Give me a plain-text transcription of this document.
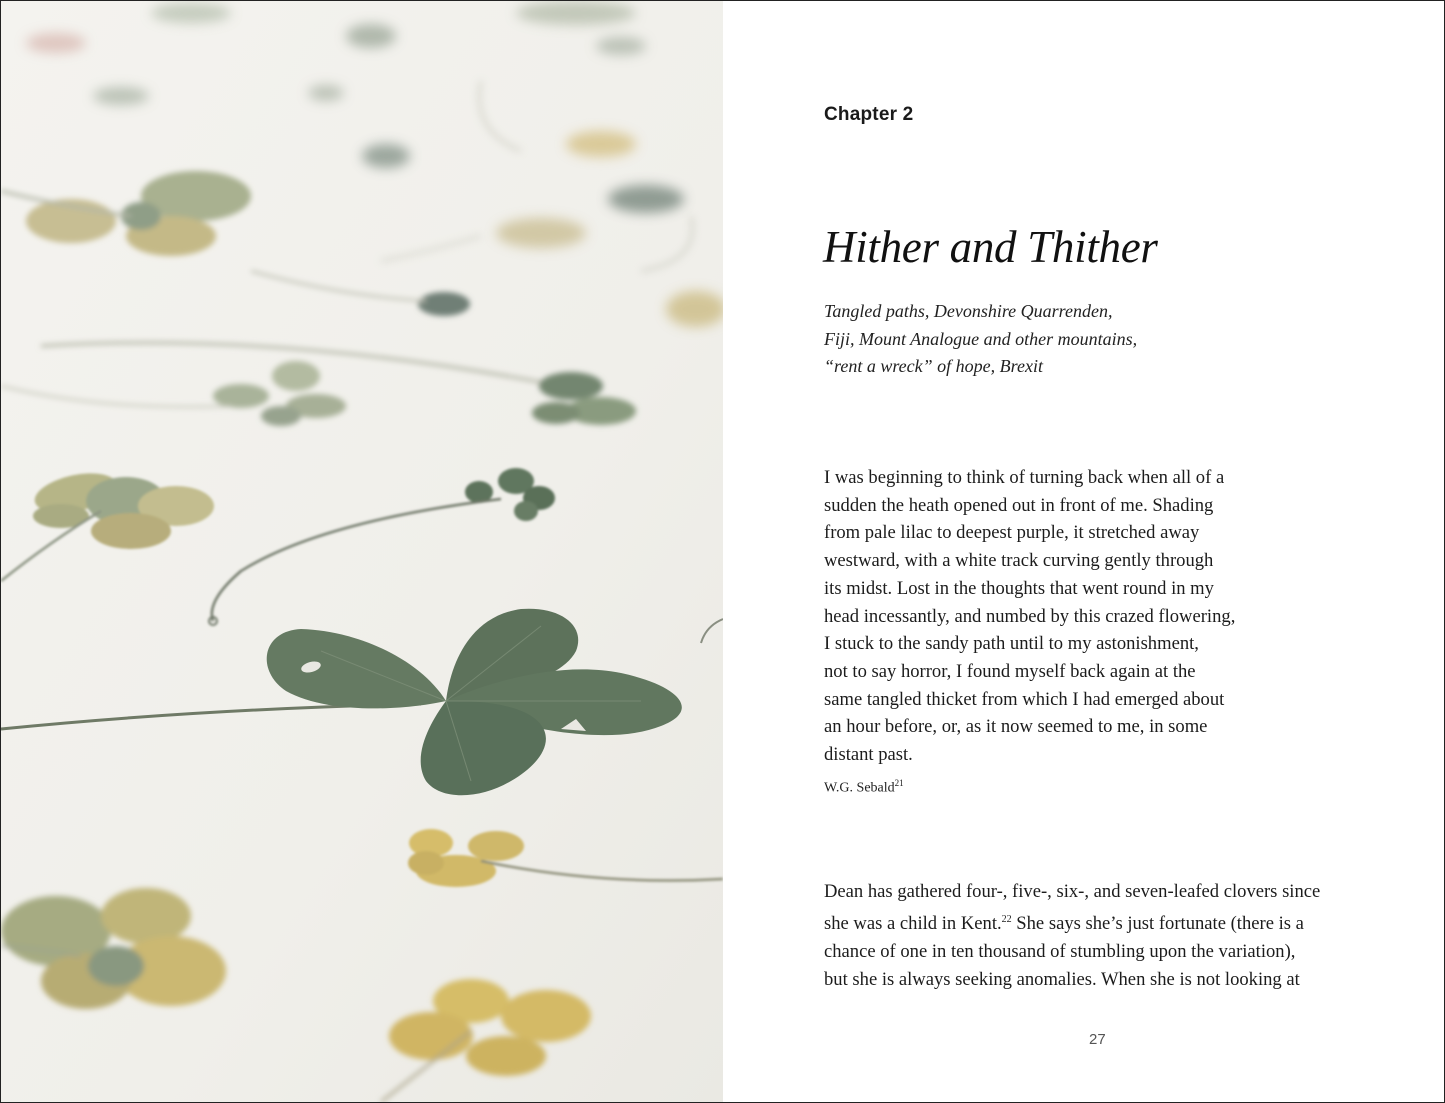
Chapter 2
Hither and Thither
Tangled paths, Devonshire Quarrenden,
Fiji, Mount Analogue and other mountains,
“rent a wreck” of hope, Brexit
I was beginning to think of turning back when all of a
sudden the heath opened out in front of me. Shading
from pale lilac to deepest purple, it stretched away
westward, with a white track curving gently through
its midst. Lost in the thoughts that went round in my
head incessantly, and numbed by this crazed flowering,
I stuck to the sandy path until to my astonishment,
not to say horror, I found myself back again at the
same tangled thicket from which I had emerged about
an hour before, or, as it now seemed to me, in some
distant past.
W.G. Sebald$^{21}$
Dean has gathered four-, five-, six-, and seven-leafed clovers since
she was a child in Kent.$^{22}$ She says she’s just fortunate (there is a
chance of one in ten thousand of stumbling upon the variation),
but she is always seeking anomalies. When she is not looking at
27
